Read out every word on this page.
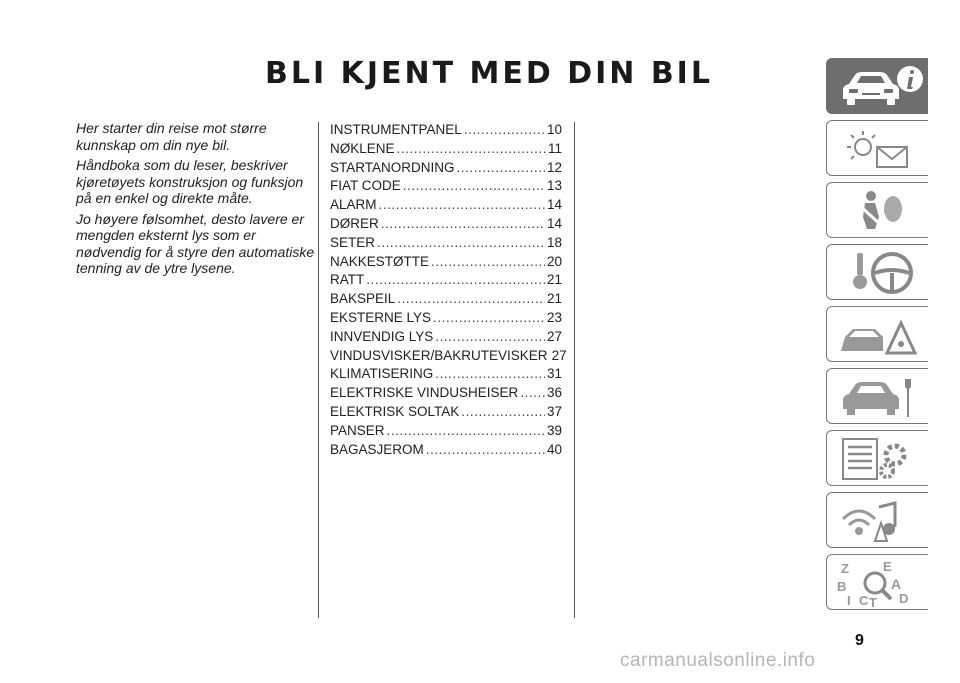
BLI KJENT MED DIN BIL

Her starter din reise mot større kunnskap om din nye bil.

Håndboka som du leser, beskriver kjøretøyets konstruksjon og funksjon på en enkel og direkte måte.

Jo høyere følsomhet, desto lavere er mengden eksternt lys som er nødvendig for å styre den automatiske tenning av de ytre lysene.

INSTRUMENTPANEL . . .	10
NØKLENE . . .	11
STARTANORDNING . . .	12
FIAT CODE . . .	13
ALARM . . .	14
DØRER . . .	14
SETER . . .	18
NAKKESTØTTE . . .	20
RATT . . .	21
BAKSPEIL . . .	21
EKSTERNE LYS . . .	23
INNVENDIG LYS . . .	27
VINDUSVISKER/BAKRUTEVISKER 27
KLIMATISERING . . .	31
ELEKTRISKE VINDUSHEISER . . . 36
ELEKTRISK SOLTAK . . .	37
PANSER . . .	39
BAGASJEROM . . .	40
Z	E
B	A
I C T D
9
carmanualsonline.info
